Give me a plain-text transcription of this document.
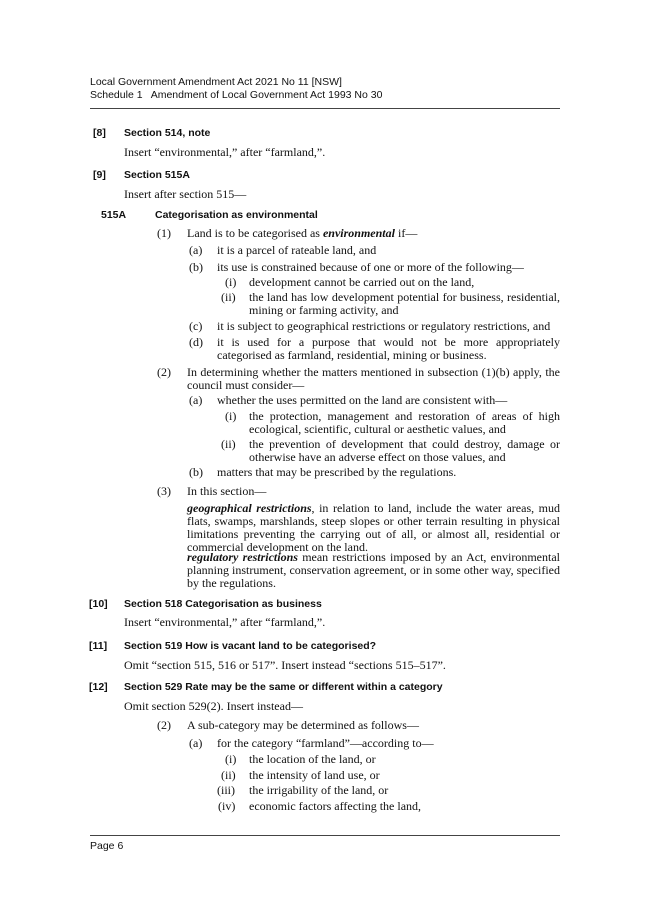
Local Government Amendment Act 2021 No 11 [NSW]
Schedule 1   Amendment of Local Government Act 1993 No 30
[8] Section 514, note
Insert “environmental,” after “farmland,”.
[9] Section 515A
Insert after section 515—
515A	Categorisation as environmental
(1) Land is to be categorised as environmental if—
(a) it is a parcel of rateable land, and
(b) its use is constrained because of one or more of the following—
(i) development cannot be carried out on the land,
(ii) the land has low development potential for business, residential, mining or farming activity, and
(c) it is subject to geographical restrictions or regulatory restrictions, and
(d) it is used for a purpose that would not be more appropriately categorised as farmland, residential, mining or business.
(2) In determining whether the matters mentioned in subsection (1)(b) apply, the council must consider—
(a) whether the uses permitted on the land are consistent with—
(i) the protection, management and restoration of areas of high ecological, scientific, cultural or aesthetic values, and
(ii) the prevention of development that could destroy, damage or otherwise have an adverse effect on those values, and
(b) matters that may be prescribed by the regulations.
(3) In this section—
geographical restrictions, in relation to land, include the water areas, mud flats, swamps, marshlands, steep slopes or other terrain resulting in physical limitations preventing the carrying out of all, or almost all, residential or commercial development on the land.
regulatory restrictions mean restrictions imposed by an Act, environmental planning instrument, conservation agreement, or in some other way, specified by the regulations.
[10] Section 518 Categorisation as business
Insert “environmental,” after “farmland,”.
[11] Section 519 How is vacant land to be categorised?
Omit “section 515, 516 or 517”. Insert instead “sections 515–517”.
[12] Section 529 Rate may be the same or different within a category
Omit section 529(2). Insert instead—
(2) A sub-category may be determined as follows—
(a) for the category “farmland”—according to—
(i) the location of the land, or
(ii) the intensity of land use, or
(iii) the irrigability of the land, or
(iv) economic factors affecting the land,
Page 6
